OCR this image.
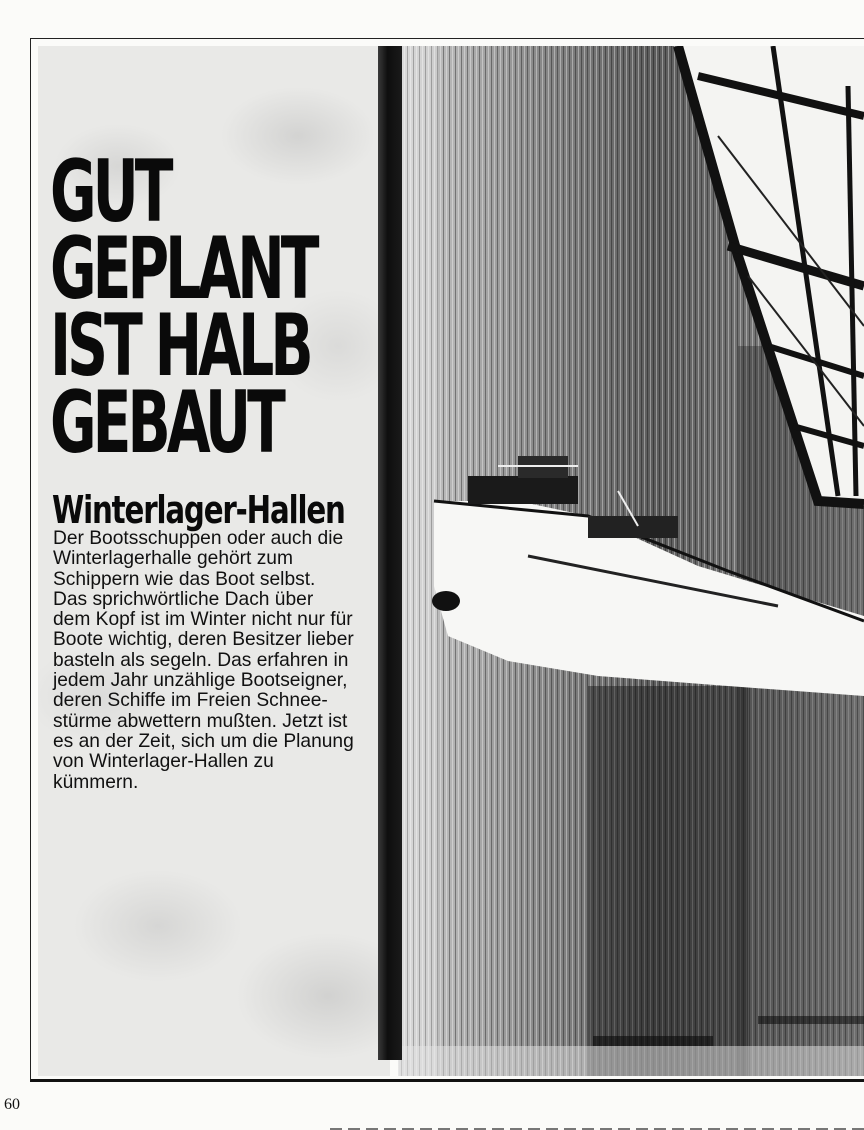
GUT
GEPLANT
IST HALB
GEBAUT
Winterlager-Hallen

Der Bootsschuppen oder auch die
Winterlagerhalle gehört zum
Schippern wie das Boot selbst.
Das sprichwörtliche Dach über
dem Kopf ist im Winter nicht nur für
Boote wichtig, deren Besitzer lieber
basteln als segeln. Das erfahren in
jedem Jahr unzählige Bootseigner,
deren Schiffe im Freien Schnee-
stürme abwettern mußten. Jetzt ist
es an der Zeit, sich um die Planung
von Winterlager-Hallen zu
kümmern.

60
